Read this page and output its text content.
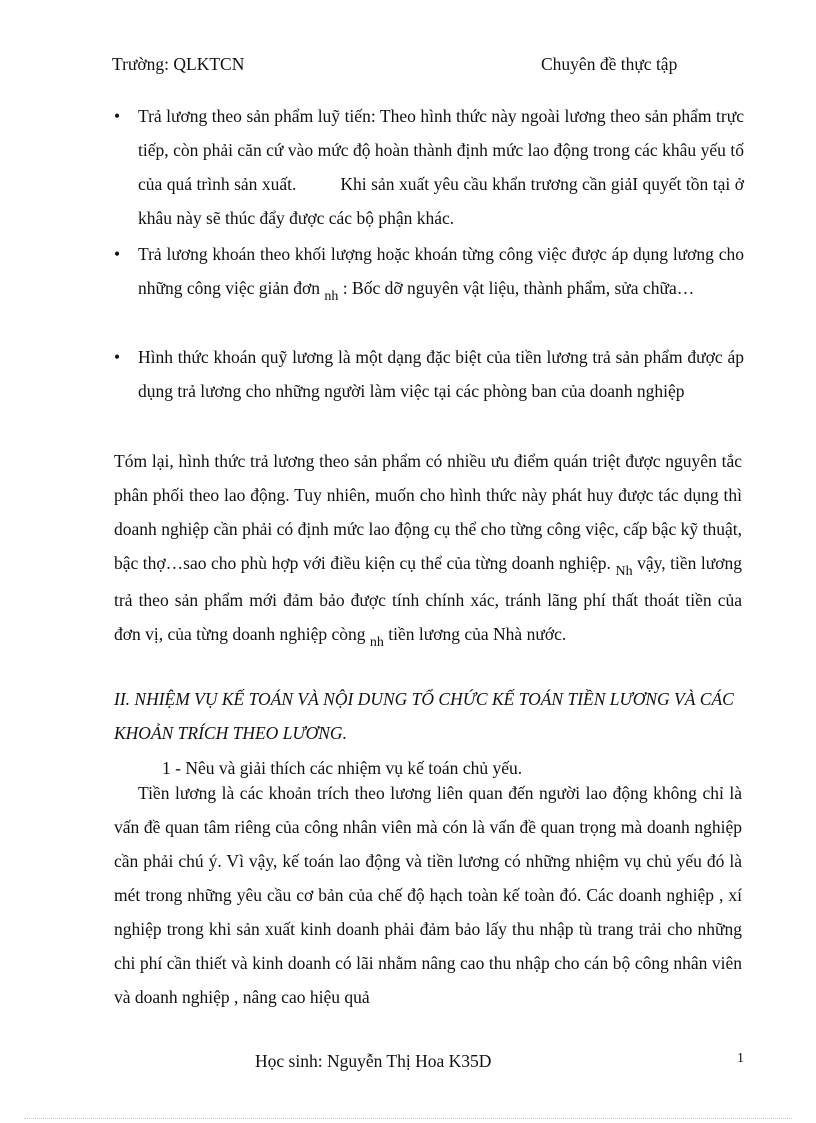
Trường: QLKTCN	Chuyên đề thực tập
•	Trả lương theo sản phẩm luỹ tiến: Theo hình thức này ngoài lương theo sản phẩm trực tiếp, còn phải căn cứ vào mức độ hoàn thành định mức lao động trong các khâu yếu tố của quá trình sản xuất.	Khi sản xuất yêu cầu khẩn trương cần giảI quyết tồn tại ở khâu này sẽ thúc đẩy được các bộ phận khác.
•	Trả lương khoán theo khối lượng hoặc khoán từng công việc được áp dụng lương cho những công việc giản đơn $_{nh}$ : Bốc dỡ nguyên vật liệu, thành phẩm, sửa chữa…
•	Hình thức khoán quỹ lương là một dạng đặc biệt của tiền lương trả sản phẩm được áp dụng trả lương cho những người làm việc tại các phòng ban của doanh nghiệp
Tóm lại, hình thức trả lương theo sản phẩm có nhiều ưu điểm quán triệt được nguyên tắc phân phối theo lao động. Tuy nhiên, muốn cho hình thức này phát huy được tác dụng thì doanh nghiệp cần phải có định mức lao động cụ thể cho từng công việc, cấp bậc kỹ thuật, bậc thợ…sao cho phù hợp với điều kiện cụ thể của từng doanh nghiệp. $_{Nh}$ vậy, tiền lương trả theo sản phẩm mới đảm bảo được tính chính xác, tránh lãng phí thất thoát tiền của đơn vị, của từng doanh nghiệp còng $_{nh}$ tiền lương của Nhà nước.
II. NHIỆM VỤ KẾ TOÁN VÀ NỘI DUNG TỔ CHỨC KẾ TOÁN TIỀN LƯƠNG VÀ CÁC KHOẢN TRÍCH THEO LƯƠNG.
1 - Nêu và giải thích các nhiệm vụ kế toán chủ yếu.
Tiền lương là các khoản trích theo lương liên quan đến người lao động không chỉ là vấn đề quan tâm riêng của công nhân viên mà cón là vấn đề quan trọng mà doanh nghiệp cần phải chú ý. Vì vậy, kế toán lao động và tiền lương có những nhiệm vụ chủ yếu đó là mét trong những yêu cầu cơ bản của chế độ hạch toàn kế toàn đó. Các doanh nghiệp , xí nghiệp trong khi sản xuất kinh doanh phải đảm bảo lấy thu nhập tù trang trải cho những chi phí cần thiết và kinh doanh có lãi nhằm nâng cao thu nhập cho cán bộ công nhân viên và doanh nghiệp , nâng cao hiệu quả
Học sinh: Nguyễn Thị Hoa K35D	1
